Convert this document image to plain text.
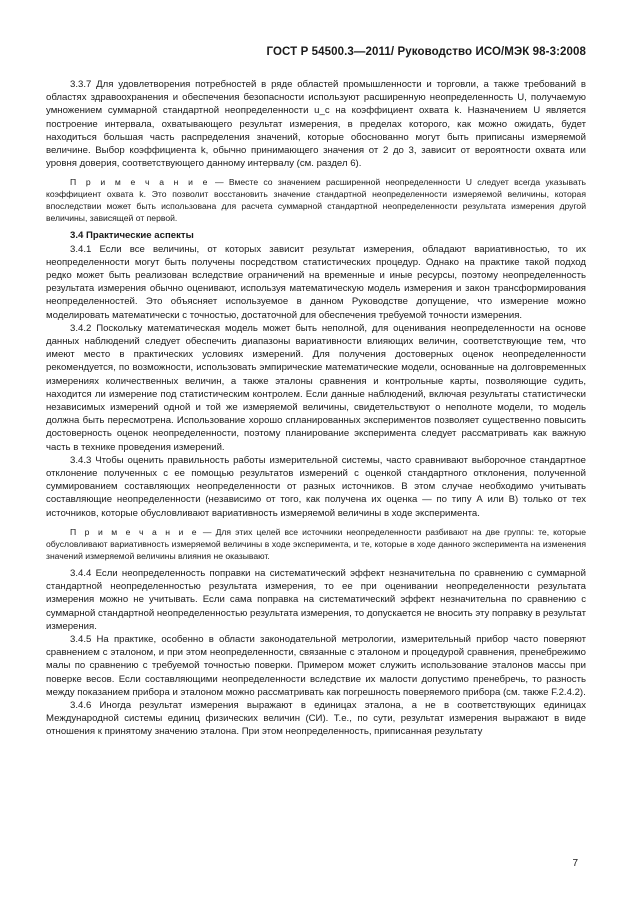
ГОСТ Р 54500.3—2011/ Руководство ИСО/МЭК 98-3:2008

3.3.7 Для удовлетворения потребностей в ряде областей промышленности и торговли, а также требований в областях здравоохранения и обеспечения безопасности используют расширенную неопределенность U, получаемую умножением суммарной стандартной неопределенности u_c на коэффициент охвата k. Назначением U является построение интервала, охватывающего результат измерения, в пределах которого, как можно ожидать, будет находиться большая часть распределения значений, которые обоснованно могут быть приписаны измеряемой величине. Выбор коэффициента k, обычно принимающего значения от 2 до 3, зависит от вероятности охвата или уровня доверия, соответствующего данному интервалу (см. раздел 6).

П р и м е ч а н и е — Вместе со значением расширенной неопределенности U следует всегда указывать коэффициент охвата k. Это позволит восстановить значение стандартной неопределенности измеряемой величины, которая впоследствии может быть использована для расчета суммарной стандартной неопределенности результата измерения другой величины, зависящей от первой.

3.4 Практические аспекты

3.4.1 Если все величины, от которых зависит результат измерения, обладают вариативностью, то их неопределенности могут быть получены посредством статистических процедур. Однако на практике такой подход редко может быть реализован вследствие ограничений на временные и иные ресурсы, поэтому неопределенность результата измерения обычно оценивают, используя математическую модель измерения и закон трансформирования неопределенностей. Это объясняет используемое в данном Руководстве допущение, что измерение можно моделировать математически с точностью, достаточной для обеспечения требуемой точности измерения.

3.4.2 Поскольку математическая модель может быть неполной, для оценивания неопределенности на основе данных наблюдений следует обеспечить диапазоны вариативности влияющих величин, соответствующие тем, что имеют место в практических условиях измерений. Для получения достоверных оценок неопределенности рекомендуется, по возможности, использовать эмпирические математические модели, основанные на долговременных измерениях количественных величин, а также эталоны сравнения и контрольные карты, позволяющие судить, находится ли измерение под статистическим контролем. Если данные наблюдений, включая результаты статистически независимых измерений одной и той же измеряемой величины, свидетельствуют о неполноте модели, то модель должна быть пересмотрена. Использование хорошо спланированных экспериментов позволяет существенно повысить достоверность оценок неопределенности, поэтому планирование эксперимента следует рассматривать как важную часть в технике проведения измерений.

3.4.3 Чтобы оценить правильность работы измерительной системы, часто сравнивают выборочное стандартное отклонение полученных с ее помощью результатов измерений с оценкой стандартного отклонения, полученной суммированием составляющих неопределенности от разных источников. В этом случае необходимо учитывать составляющие неопределенности (независимо от того, как получена их оценка — по типу А или В) только от тех источников, которые обусловливают вариативность измеряемой величины в ходе эксперимента.

П р и м е ч а н и е — Для этих целей все источники неопределенности разбивают на две группы: те, которые обусловливают вариативность измеряемой величины в ходе эксперимента, и те, которые в ходе данного эксперимента на изменения значений измеряемой величины влияния не оказывают.

3.4.4 Если неопределенность поправки на систематический эффект незначительна по сравнению с суммарной стандартной неопределенностью результата измерения, то ее при оценивании неопределенности результата измерения можно не учитывать. Если сама поправка на систематический эффект незначительна по сравнению с суммарной стандартной неопределенностью результата измерения, то допускается не вносить эту поправку в результат измерения.

3.4.5 На практике, особенно в области законодательной метрологии, измерительный прибор часто поверяют сравнением с эталоном, и при этом неопределенности, связанные с эталоном и процедурой сравнения, пренебрежимо малы по сравнению с требуемой точностью поверки. Примером может служить использование эталонов массы при поверке весов. Если составляющими неопределенности вследствие их малости допустимо пренебречь, то разность между показанием прибора и эталоном можно рассматривать как погрешность поверяемого прибора (см. также F.2.4.2).

3.4.6 Иногда результат измерения выражают в единицах эталона, а не в соответствующих единицах Международной системы единиц физических величин (СИ). Т.е., по сути, результат измерения выражают в виде отношения к принятому значению эталона. При этом неопределенность, приписанная результату

7
